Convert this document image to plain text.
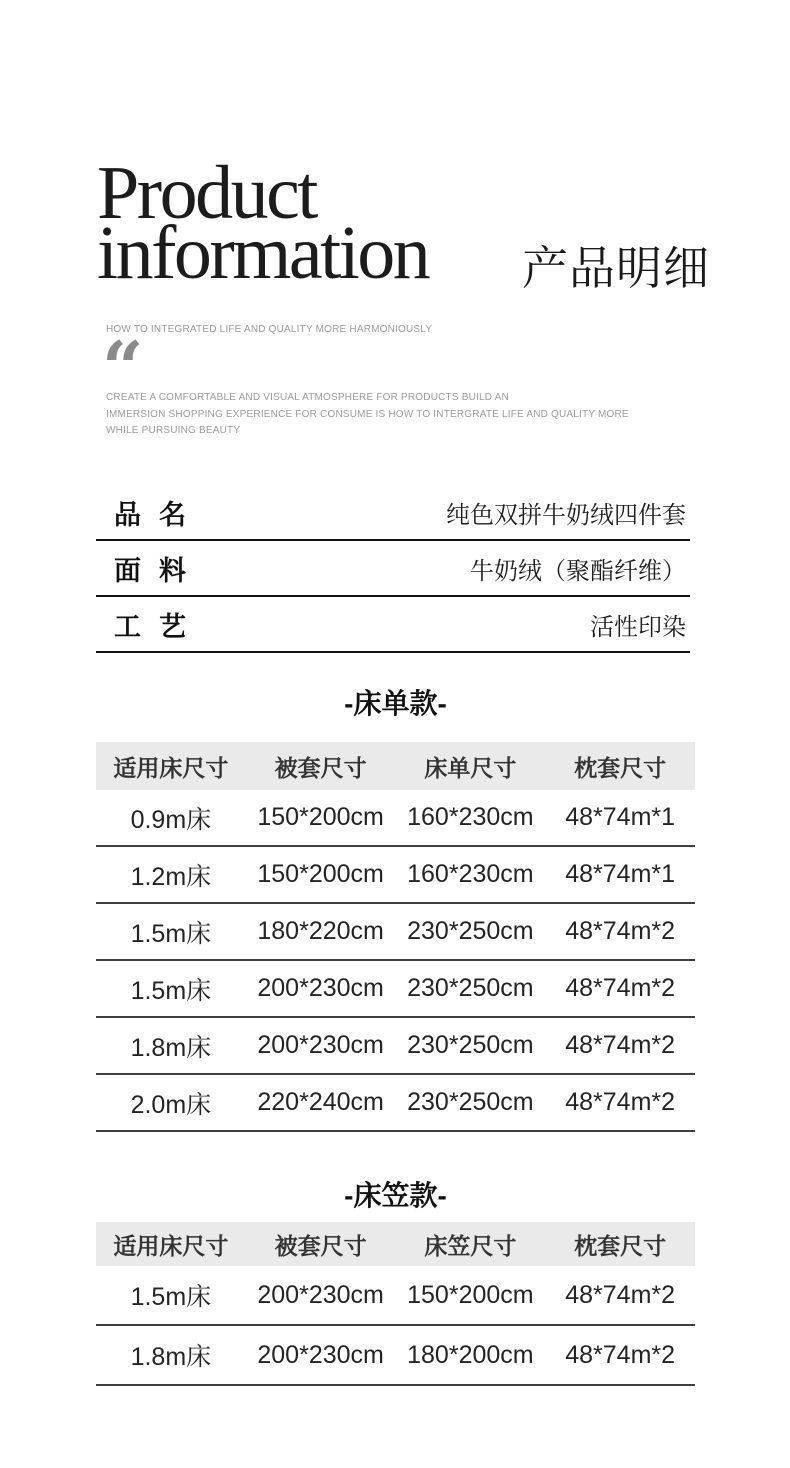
Product
information 产品明细
HOW TO INTEGRATED LIFE AND QUALITY MORE HARMONIOUSLY
“
CREATE A COMFORTABLE AND VISUAL ATMOSPHERE FOR PRODUCTS BUILD AN
IMMERSION SHOPPING EXPERIENCE FOR CONSUME IS HOW TO INTERGRATE LIFE AND QUALITY MORE
WHILE PURSUING BEAUTY
品 名	纯色双拼牛奶绒四件套
面 料	牛奶绒（聚酯纤维）
工 艺	活性印染
-床单款-
适用床尺寸	被套尺寸	床单尺寸	枕套尺寸
0.9m床	150*200cm 160*230cm	48*74m*1
1.2m床	150*200cm 160*230cm	48*74m*1
1.5m床	180*220cm 230*250cm	48*74m*2
1.5m床	200*230cm 230*250cm	48*74m*2
1.8m床	200*230cm 230*250cm	48*74m*2
2.0m床	220*240cm 230*250cm	48*74m*2
-床笠款-
适用床尺寸	被套尺寸	床笠尺寸	枕套尺寸
1.5m床	200*230cm 150*200cm	48*74m*2
1.8m床	200*230cm 180*200cm	48*74m*2
